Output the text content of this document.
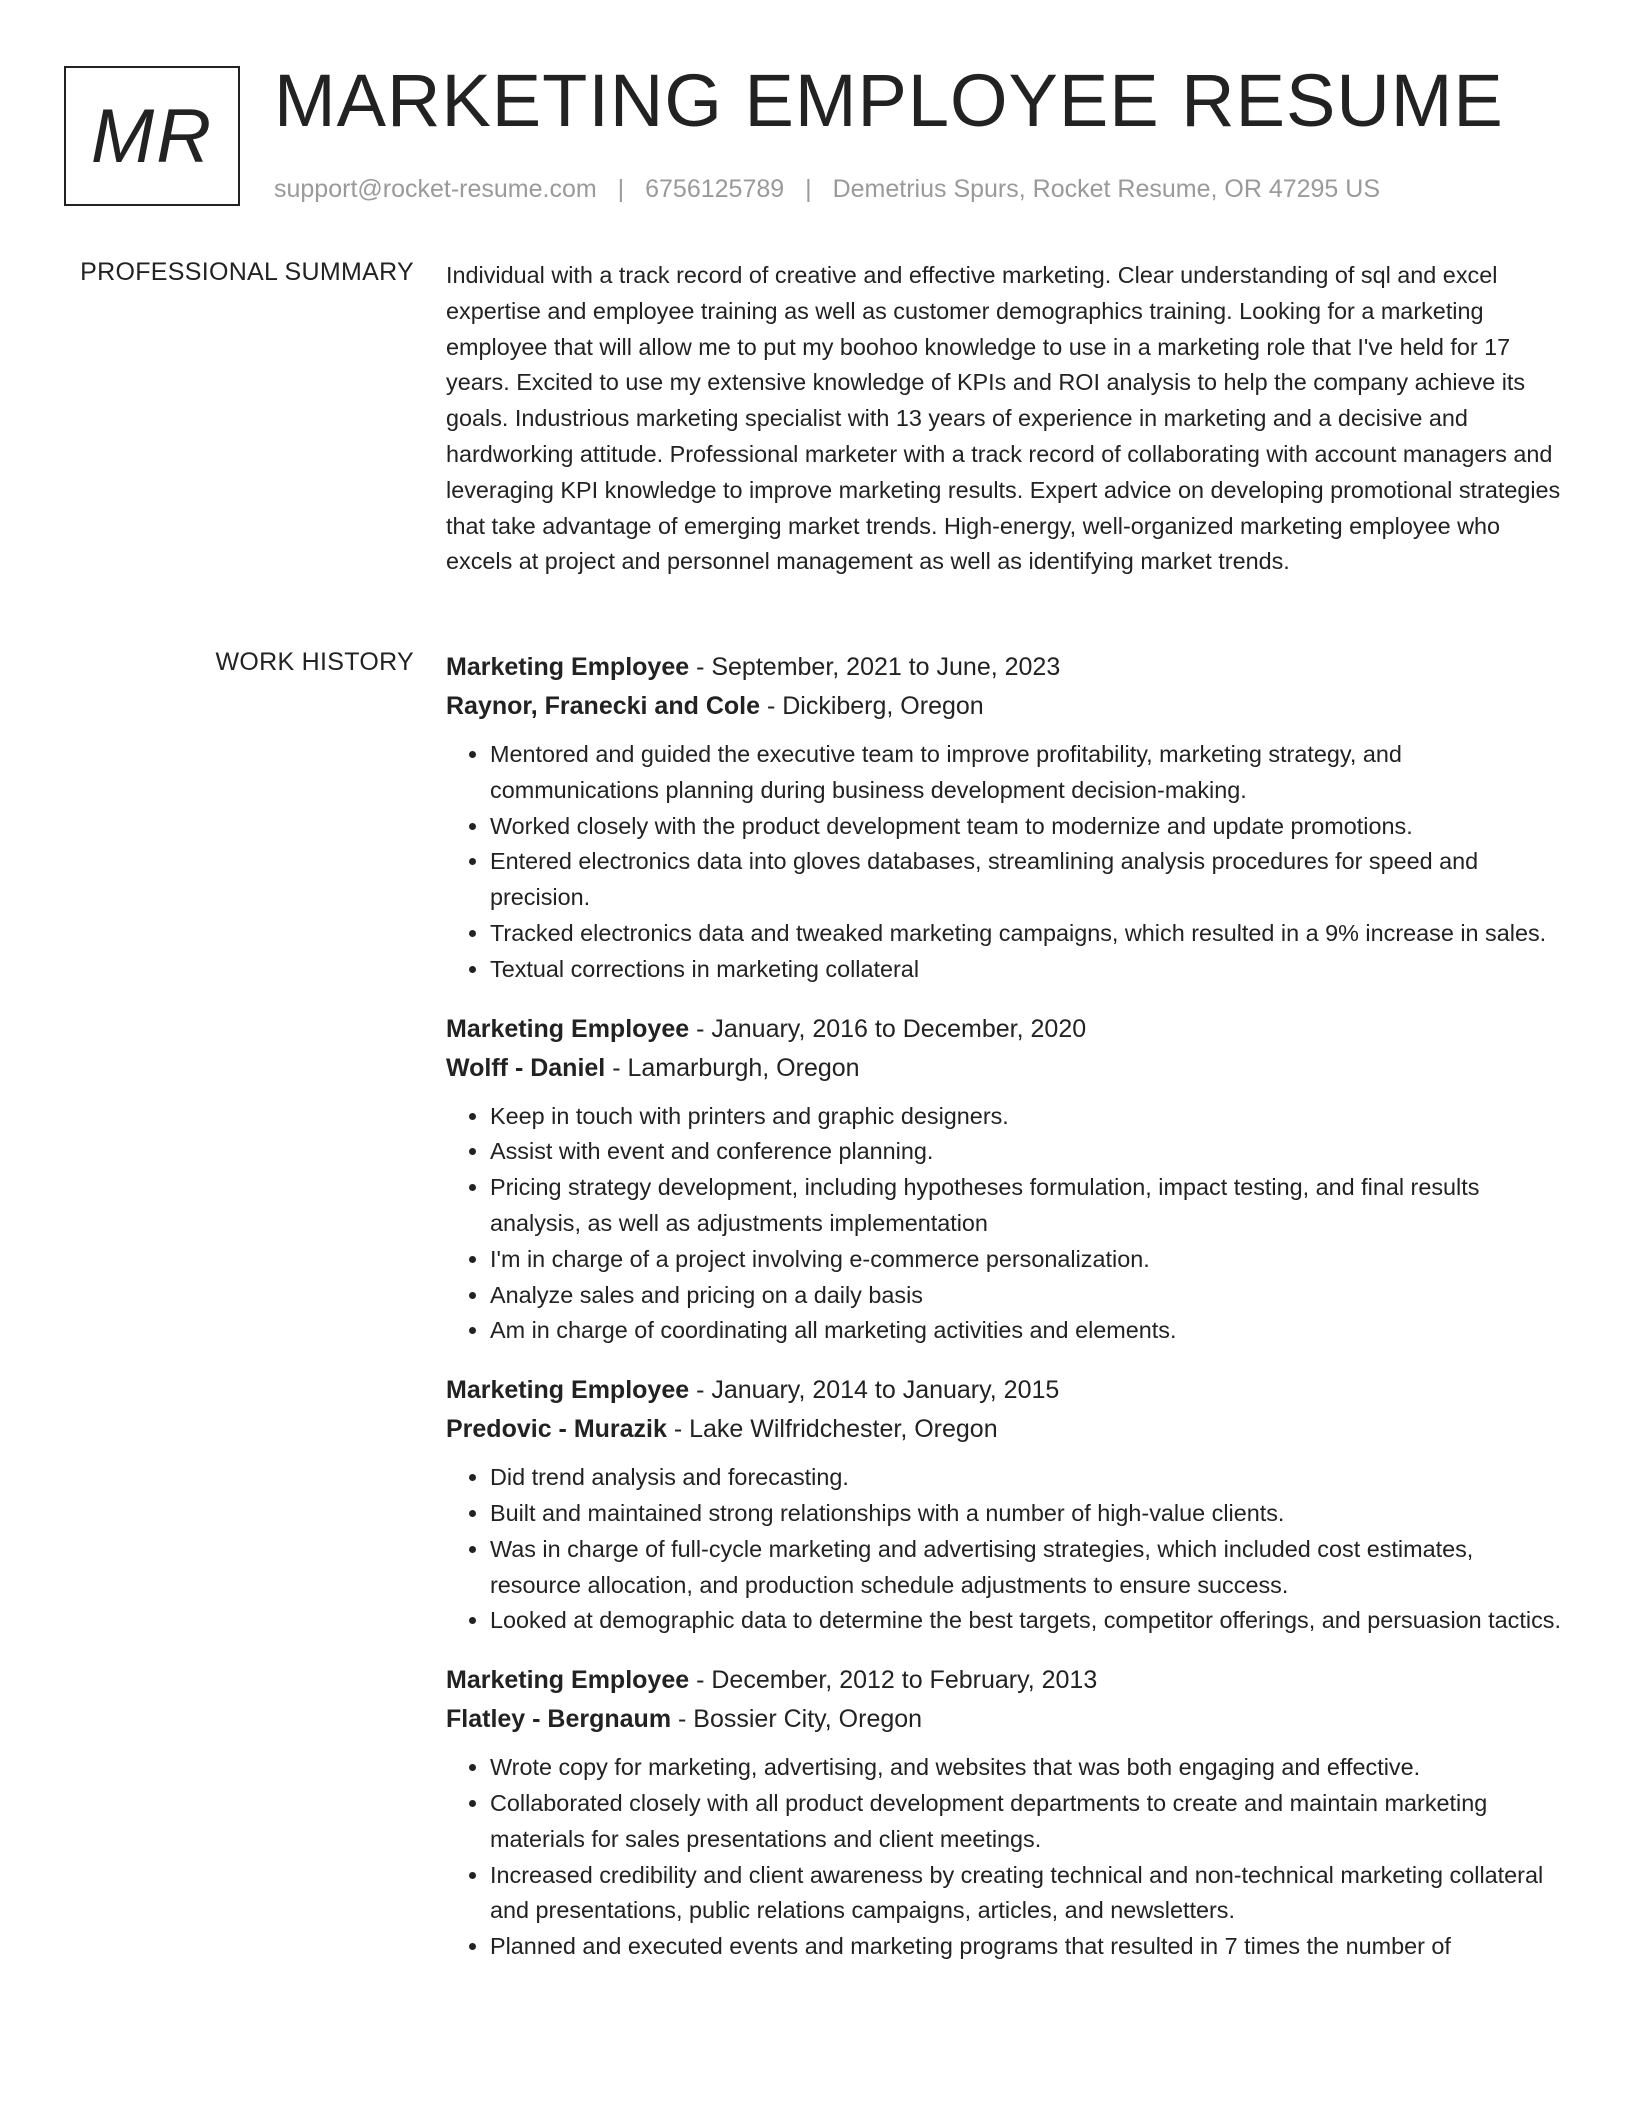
MR MARKETING EMPLOYEE RESUME
support@rocket-resume.com | 6756125789 | Demetrius Spurs, Rocket Resume, OR 47295 US
PROFESSIONAL SUMMARY Individual with a track record of creative and effective marketing. Clear understanding of sql and excel expertise and employee training as well as customer demographics training. Looking for a marketing employee that will allow me to put my boohoo knowledge to use in a marketing role that I've held for 17 years. Excited to use my extensive knowledge of KPIs and ROI analysis to help the company achieve its goals. Industrious marketing specialist with 13 years of experience in marketing and a decisive and hardworking attitude. Professional marketer with a track record of collaborating with account managers and leveraging KPI knowledge to improve marketing results. Expert advice on developing promotional strategies that take advantage of emerging market trends. High-energy, well-organized marketing employee who excels at project and personnel management as well as identifying market trends.

WORK HISTORY Marketing Employee - September, 2021 to June, 2023
Raynor, Franecki and Cole - Dickiberg, Oregon
• Mentored and guided the executive team to improve profitability, marketing strategy, and communications planning during business development decision-making.
• Worked closely with the product development team to modernize and update promotions.
• Entered electronics data into gloves databases, streamlining analysis procedures for speed and precision.
• Tracked electronics data and tweaked marketing campaigns, which resulted in a 9% increase in sales.
• Textual corrections in marketing collateral
Marketing Employee - January, 2016 to December, 2020
Wolff - Daniel - Lamarburgh, Oregon
• Keep in touch with printers and graphic designers.
• Assist with event and conference planning.
• Pricing strategy development, including hypotheses formulation, impact testing, and final results analysis, as well as adjustments implementation
• I'm in charge of a project involving e-commerce personalization.
• Analyze sales and pricing on a daily basis
• Am in charge of coordinating all marketing activities and elements.
Marketing Employee - January, 2014 to January, 2015
Predovic - Murazik - Lake Wilfridchester, Oregon
• Did trend analysis and forecasting.
• Built and maintained strong relationships with a number of high-value clients.
• Was in charge of full-cycle marketing and advertising strategies, which included cost estimates, resource allocation, and production schedule adjustments to ensure success.
• Looked at demographic data to determine the best targets, competitor offerings, and persuasion tactics.
Marketing Employee - December, 2012 to February, 2013
Flatley - Bergnaum - Bossier City, Oregon
• Wrote copy for marketing, advertising, and websites that was both engaging and effective.
• Collaborated closely with all product development departments to create and maintain marketing materials for sales presentations and client meetings.
• Increased credibility and client awareness by creating technical and non-technical marketing collateral and presentations, public relations campaigns, articles, and newsletters.
• Planned and executed events and marketing programs that resulted in 7 times the number of
